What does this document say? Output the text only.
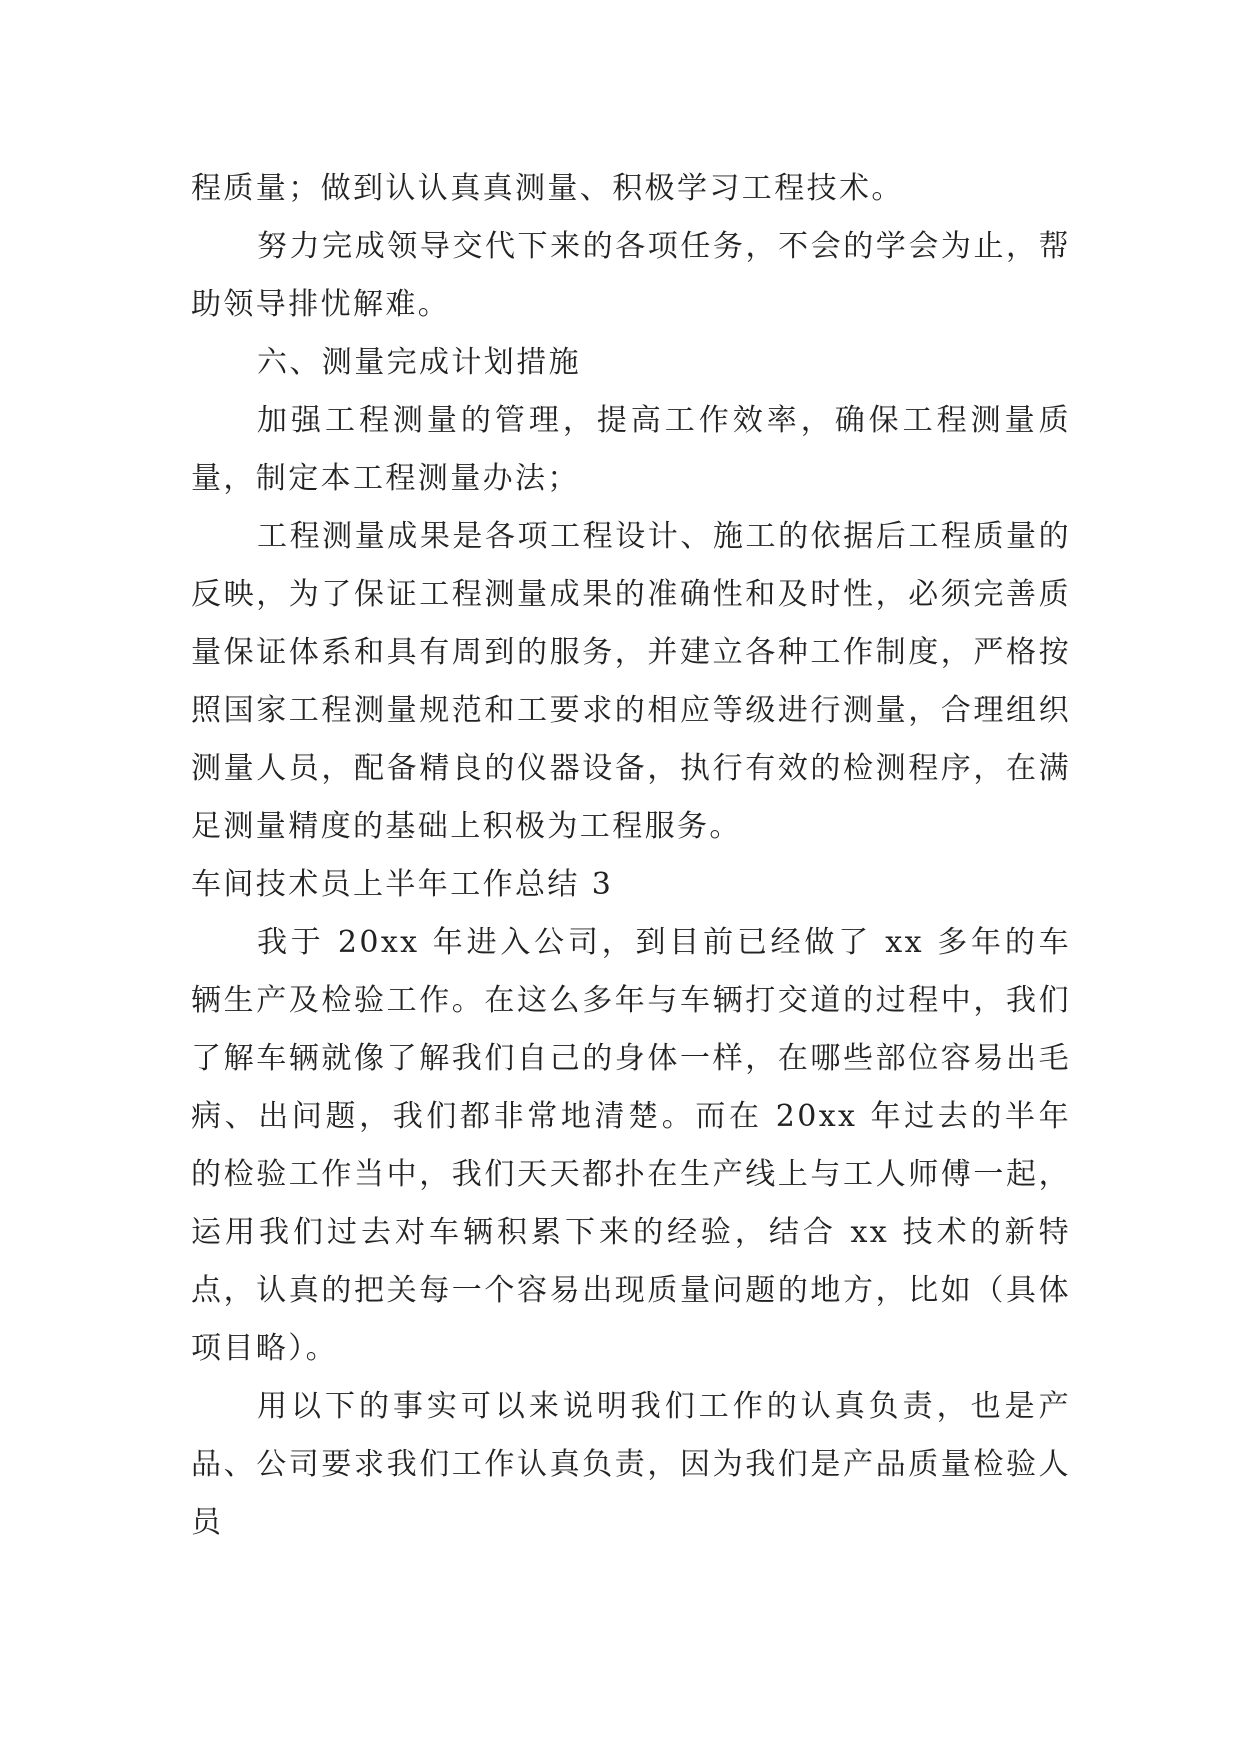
程质量；做到认认真真测量、积极学习工程技术。

努力完成领导交代下来的各项任务，不会的学会为止，帮助领导排忧解难。

六、测量完成计划措施

加强工程测量的管理，提高工作效率，确保工程测量质量，制定本工程测量办法；

工程测量成果是各项工程设计、施工的依据后工程质量的反映，为了保证工程测量成果的准确性和及时性，必须完善质量保证体系和具有周到的服务，并建立各种工作制度，严格按照国家工程测量规范和工要求的相应等级进行测量，合理组织测量人员，配备精良的仪器设备，执行有效的检测程序，在满足测量精度的基础上积极为工程服务。

车间技术员上半年工作总结 3

我于 20xx 年进入公司，到目前已经做了 xx 多年的车辆生产及检验工作。在这么多年与车辆打交道的过程中，我们了解车辆就像了解我们自己的身体一样，在哪些部位容易出毛病、出问题，我们都非常地清楚。而在 20xx 年过去的半年的检验工作当中，我们天天都扑在生产线上与工人师傅一起，运用我们过去对车辆积累下来的经验，结合 xx 技术的新特点，认真的把关每一个容易出现质量问题的地方，比如（具体项目略）。

用以下的事实可以来说明我们工作的认真负责，也是产品、公司要求我们工作认真负责，因为我们是产品质量检验人员
